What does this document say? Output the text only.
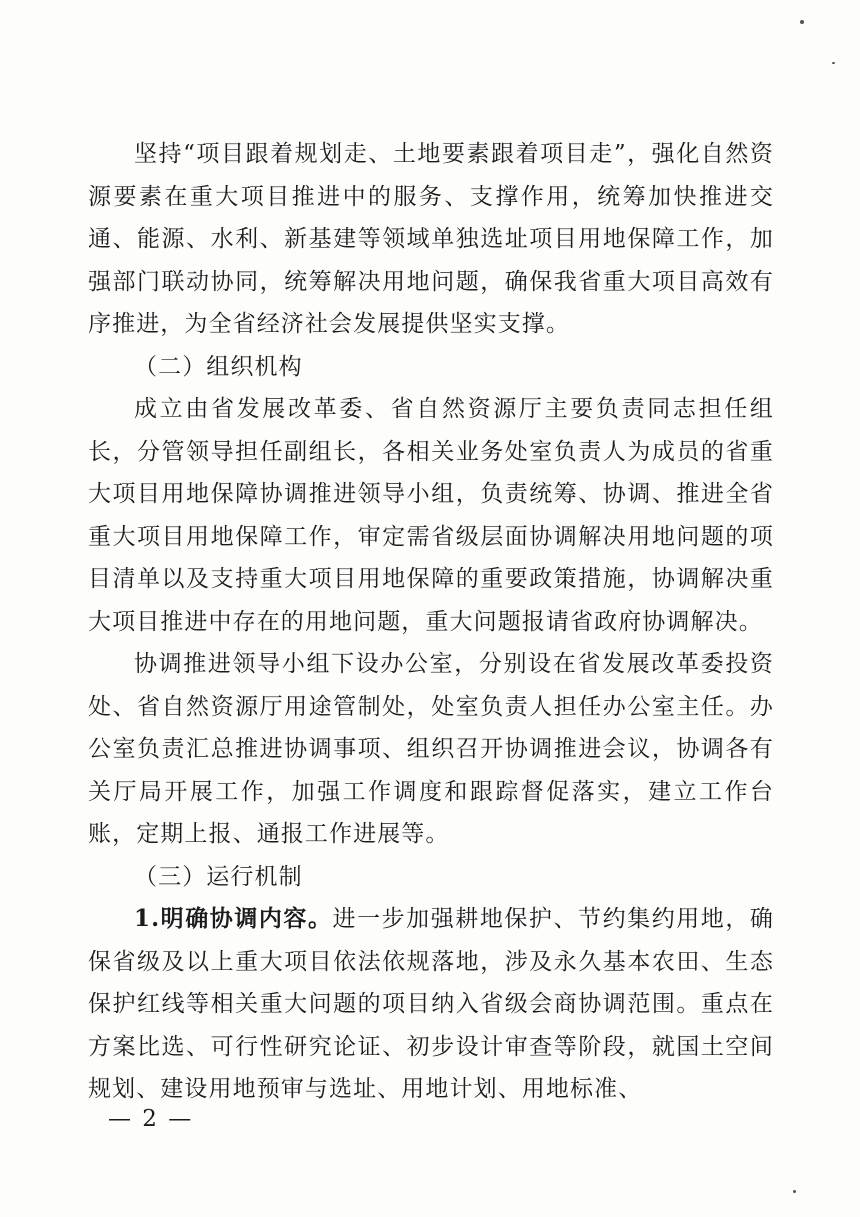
坚持“项目跟着规划走、土地要素跟着项目走”，强化自然资源要素在重大项目推进中的服务、支撑作用，统筹加快推进交通、能源、水利、新基建等领域单独选址项目用地保障工作，加强部门联动协同，统筹解决用地问题，确保我省重大项目高效有序推进，为全省经济社会发展提供坚实支撑。

（二）组织机构

成立由省发展改革委、省自然资源厅主要负责同志担任组长，分管领导担任副组长，各相关业务处室负责人为成员的省重大项目用地保障协调推进领导小组，负责统筹、协调、推进全省重大项目用地保障工作，审定需省级层面协调解决用地问题的项目清单以及支持重大项目用地保障的重要政策措施，协调解决重大项目推进中存在的用地问题，重大问题报请省政府协调解决。

协调推进领导小组下设办公室，分别设在省发展改革委投资处、省自然资源厅用途管制处，处室负责人担任办公室主任。办公室负责汇总推进协调事项、组织召开协调推进会议，协调各有关厅局开展工作，加强工作调度和跟踪督促落实，建立工作台账，定期上报、通报工作进展等。

（三）运行机制

1.明确协调内容。进一步加强耕地保护、节约集约用地，确保省级及以上重大项目依法依规落地，涉及永久基本农田、生态保护红线等相关重大问题的项目纳入省级会商协调范围。重点在方案比选、可行性研究论证、初步设计审查等阶段，就国土空间规划、建设用地预审与选址、用地计划、用地标准、

— 2 —
